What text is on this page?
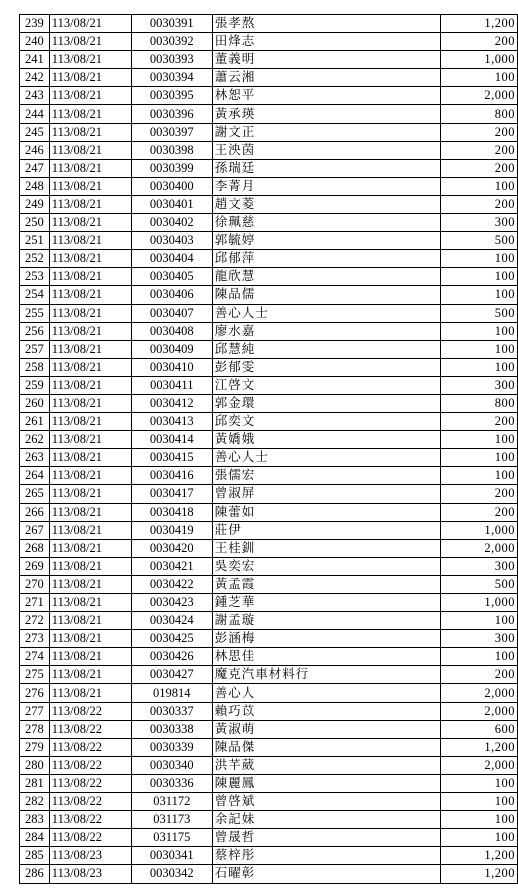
239	113/08/21	0030391	張孝熬	1,200
240	113/08/21	0030392	田烽志	200
241	113/08/21	0030393	董義明	1,000
242	113/08/21	0030394	蕭云湘	100
243	113/08/21	0030395	林恕平	2,000
244	113/08/21	0030396	黃承瑛	800
245	113/08/21	0030397	謝文正	200
246	113/08/21	0030398	王泱茵	200
247	113/08/21	0030399	孫瑞廷	200
248	113/08/21	0030400	李菁月	100
249	113/08/21	0030401	趙文菱	200
250	113/08/21	0030402	徐珮慈	300
251	113/08/21	0030403	郭毓婷	500
252	113/08/21	0030404	邱郁萍	100
253	113/08/21	0030405	龍欣慧	100
254	113/08/21	0030406	陳品儒	100
255	113/08/21	0030407	善心人士	500
256	113/08/21	0030408	廖水嘉	100
257	113/08/21	0030409	邱慧純	100
258	113/08/21	0030410	彭郁雯	100
259	113/08/21	0030411	江啓文	300
260	113/08/21	0030412	郭金環	800
261	113/08/21	0030413	邱奕文	200
262	113/08/21	0030414	黃嬌娥	100
263	113/08/21	0030415	善心人士	100
264	113/08/21	0030416	張儒宏	100
265	113/08/21	0030417	曾淑屏	200
266	113/08/21	0030418	陳蕾如	200
267	113/08/21	0030419	莊伊	1,000
268	113/08/21	0030420	王桂釧	2,000
269	113/08/21	0030421	吳奕宏	300
270	113/08/21	0030422	黃孟霞	500
271	113/08/21	0030423	鍾芝華	1,000
272	113/08/21	0030424	謝孟璇	100
273	113/08/21	0030425	彭涵梅	300
274	113/08/21	0030426	林思佳	100
275	113/08/21	0030427	魔克汽車材料行	200
276	113/08/21	019814	善心人	2,000
277	113/08/22	0030337	賴巧苡	2,000
278	113/08/22	0030338	黃淑萌	600
279	113/08/22	0030339	陳品傑	1,200
280	113/08/22	0030340	洪芊葳	2,000
281	113/08/22	0030336	陳麗鳳	100
282	113/08/22	031172	曾啓斌	100
283	113/08/22	031173	余記妹	100
284	113/08/22	031175	曾晟哲	100
285	113/08/23	0030341	蔡梓彤	1,200
286	113/08/23	0030342	石曜彰	1,200
